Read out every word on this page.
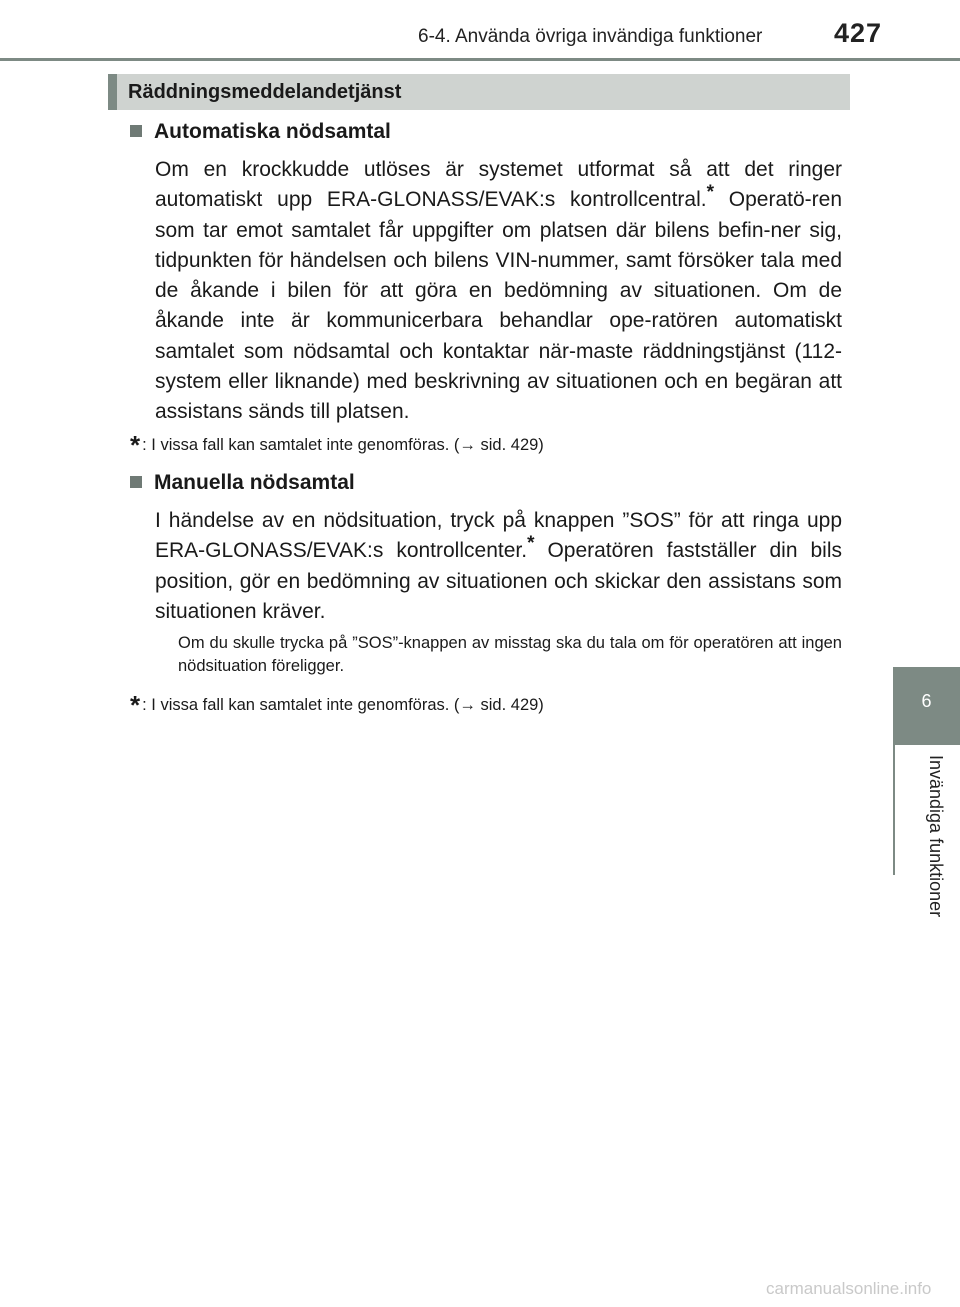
6-4. Använda övriga invändiga funktioner	427
Räddningsmeddelandetjänst
Automatiska nödsamtal
Om en krockkudde utlöses är systemet utformat så att det ringer automatiskt upp ERA-GLONASS/EVAK:s kontrollcentral.* Operatö-ren som tar emot samtalet får uppgifter om platsen där bilens befin-ner sig, tidpunkten för händelsen och bilens VIN-nummer, samt försöker tala med de åkande i bilen för att göra en bedömning av situationen. Om de åkande inte är kommunicerbara behandlar ope-ratören automatiskt samtalet som nödsamtal och kontaktar när-maste räddningstjänst (112-system eller liknande) med beskrivning av situationen och en begäran att assistans sänds till platsen.
* : I vissa fall kan samtalet inte genomföras. (→ sid. 429)
Manuella nödsamtal
I händelse av en nödsituation, tryck på knappen ”SOS” för att ringa upp ERA-GLONASS/EVAK:s kontrollcenter.* Operatören fastställer din bils position, gör en bedömning av situationen och skickar den assistans som situationen kräver.
Om du skulle trycka på ”SOS”-knappen av misstag ska du tala om för operatören att ingen nödsituation föreligger.
* : I vissa fall kan samtalet inte genomföras. (→ sid. 429)	6
Invändiga funktioner
carmanualsonline.info
